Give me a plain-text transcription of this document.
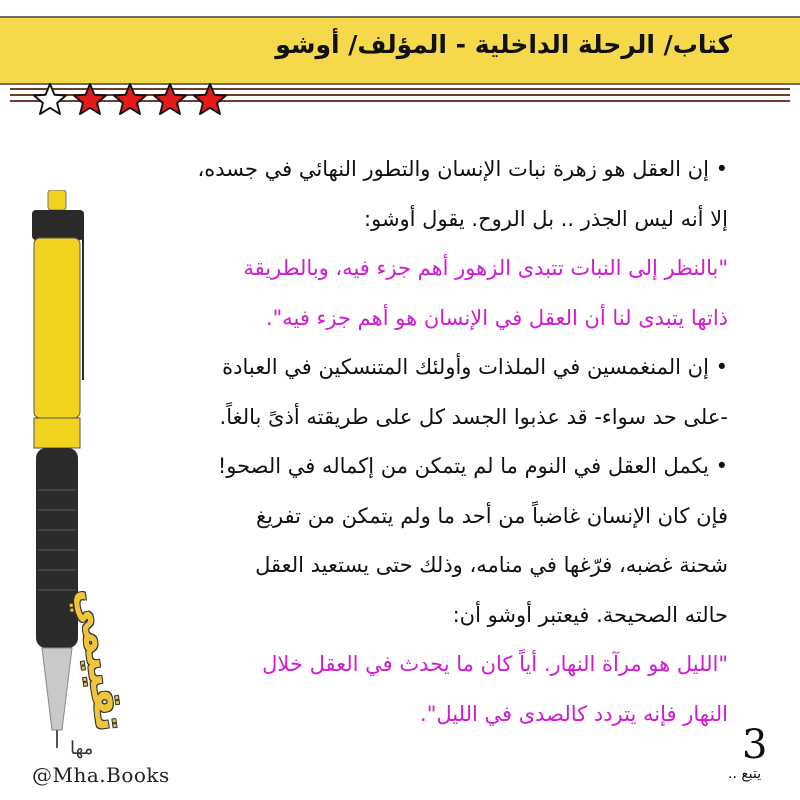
كتاب/ الرحلة الداخلية - المؤلف/ أوشو
تقييمي
• إن العقل هو زهرة نبات الإنسان والتطور النهائي في جسده،
إلا أنه ليس الجذر .. بل الروح. يقول أوشو:
"بالنظر إلى النبات تتبدى الزهور أهم جزء فيه، وبالطريقة
ذاتها يتبدى لنا أن العقل في الإنسان هو أهم جزء فيه".
• إن المنغمسين في الملذات وأولئك المتنسكين في العبادة
-على حد سواء- قد عذبوا الجسد كل على طريقته أذىً بالغاً.
• يكمل العقل في النوم ما لم يتمكن من إكماله في الصحو!
فإن كان الإنسان غاضباً من أحد ما ولم يتمكن من تفريغ
شحنة غضبه، فرّغها في منامه، وذلك حتى يستعيد العقل
حالته الصحيحة. فيعتبر أوشو أن:
"الليل هو مرآة النهار. أياً كان ما يحدث في العقل خلال
النهار فإنه يتردد كالصدى في الليل".
مها
@Mha.Books
3
يتبع ..
